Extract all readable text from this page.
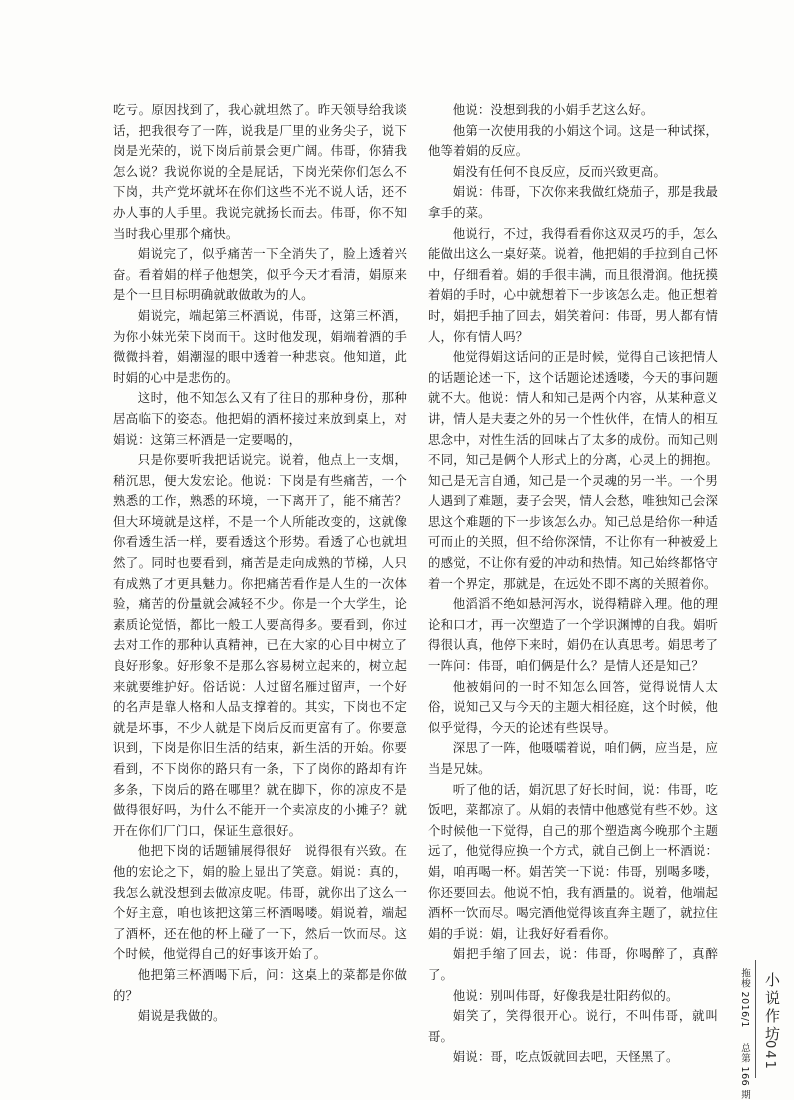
吃亏。原因找到了，我心就坦然了。昨天领导给我谈话，把我很夸了一阵，说我是厂里的业务尖子，说下岗是光荣的，说下岗后前景会更广阔。伟哥，你猜我怎么说？我说你说的全是屁话，下岗光荣你们怎么不下岗，共产党坏就坏在你们这些不光不说人话，还不办人事的人手里。我说完就扬长而去。伟哥，你不知当时我心里那个痛快。

娟说完了，似乎痛苦一下全消失了，脸上透着兴奋。看着娟的样子他想笑，似乎今天才看清，娟原来是个一旦目标明确就敢做敢为的人。

娟说完，端起第三杯酒说，伟哥，这第三杯酒，为你小妹光荣下岗而干。这时他发现，娟端着酒的手微微抖着，娟潮湿的眼中透着一种悲哀。他知道，此时娟的心中是悲伤的。

这时，他不知怎么又有了往日的那种身份，那种居高临下的姿态。他把娟的酒杯接过来放到桌上，对娟说：这第三杯酒是一定要喝的，

只是你要听我把话说完。说着，他点上一支烟，稍沉思，便大发宏论。他说：下岗是有些痛苦，一个熟悉的工作，熟悉的环境，一下离开了，能不痛苦？但大环境就是这样，不是一个人所能改变的，这就像你看透生活一样，要看透这个形势。看透了心也就坦然了。同时也要看到，痛苦是走向成熟的节梯，人只有成熟了才更具魅力。你把痛苦看作是人生的一次体验，痛苦的份量就会减轻不少。你是一个大学生，论素质论觉悟，都比一般工人要高得多。要看到，你过去对工作的那种认真精神，已在大家的心目中树立了良好形象。好形象不是那么容易树立起来的，树立起来就要维护好。俗话说：人过留名雁过留声，一个好的名声是靠人格和人品支撑着的。其实，下岗也不定就是坏事，不少人就是下岗后反而更富有了。你要意识到，下岗是你旧生活的结束，新生活的开始。你要看到，不下岗你的路只有一条，下了岗你的路却有许多条，下岗后的路在哪里？就在脚下，你的凉皮不是做得很好吗，为什么不能开一个卖凉皮的小摊子？就开在你们厂门口，保证生意很好。

他把下岗的话题铺展得很好　说得很有兴致。在他的宏论之下，娟的脸上显出了笑意。娟说：真的，我怎么就没想到去做凉皮呢。伟哥，就你出了这么一个好主意，咱也该把这第三杯酒喝喽。娟说着，端起了酒杯，还在他的杯上碰了一下，然后一饮而尽。这个时候，他觉得自己的好事该开始了。

他把第三杯酒喝下后，问：这桌上的菜都是你做的？

娟说是我做的。

他说：没想到我的小娟手艺这么好。

他第一次使用我的小娟这个词。这是一种试探，他等着娟的反应。

娟没有任何不良反应，反而兴致更高。

娟说：伟哥，下次你来我做红烧茄子，那是我最拿手的菜。

他说行，不过，我得看看你这双灵巧的手，怎么能做出这么一桌好菜。说着，他把娟的手拉到自己怀中，仔细看着。娟的手很丰满，而且很滑润。他抚摸着娟的手时，心中就想着下一步该怎么走。他正想着时，娟把手抽了回去，娟笑着问：伟哥，男人都有情人，你有情人吗？

他觉得娟这话问的正是时候，觉得自己该把情人的话题论述一下，这个话题论述透喽，今天的事问题就不大。他说：情人和知己是两个内容，从某种意义讲，情人是夫妻之外的另一个性伙伴，在情人的相互思念中，对性生活的回味占了太多的成份。而知己则不同，知己是俩个人形式上的分离，心灵上的拥抱。知己是无言自通，知己是一个灵魂的另一半。一个男人遇到了难题，妻子会哭，情人会愁，唯独知己会深思这个难题的下一步该怎么办。知己总是给你一种适可而止的关照，但不给你深情，不让你有一种被爱上的感觉，不让你有爱的冲动和热情。知己始终都恪守着一个界定，那就是，在远处不即不离的关照着你。

他滔滔不绝如悬河泻水，说得精辟入理。他的理论和口才，再一次塑造了一个学识渊博的自我。娟听得很认真，他停下来时，娟仍在认真思考。娟思考了一阵问：伟哥，咱们俩是什么？是情人还是知己？

他被娟问的一时不知怎么回答，觉得说情人太俗，说知己又与今天的主题大相径庭，这个时候，他似乎觉得，今天的论述有些误导。

深思了一阵，他嗫嚅着说，咱们俩，应当是，应当是兄妹。

听了他的话，娟沉思了好长时间，说：伟哥，吃饭吧，菜都凉了。从娟的表情中他感觉有些不妙。这个时候他一下觉得，自己的那个塑造离今晚那个主题远了，他觉得应换一个方式，就自己倒上一杯酒说：娟，咱再喝一杯。娟苦笑一下说：伟哥，别喝多喽，你还要回去。他说不怕，我有酒量的。说着，他端起酒杯一饮而尽。喝完酒他觉得该直奔主题了，就拉住娟的手说：娟，让我好好看看你。

娟把手缩了回去，说：伟哥，你喝醉了，真醉了。

他说：别叫伟哥，好像我是壮阳药似的。

娟笑了，笑得很开心。说行，不叫伟哥，就叫哥。

娟说：哥，吃点饭就回去吧，天怪黑了。

拖梭 2016/1  总第 166 期
小说作坊
041
